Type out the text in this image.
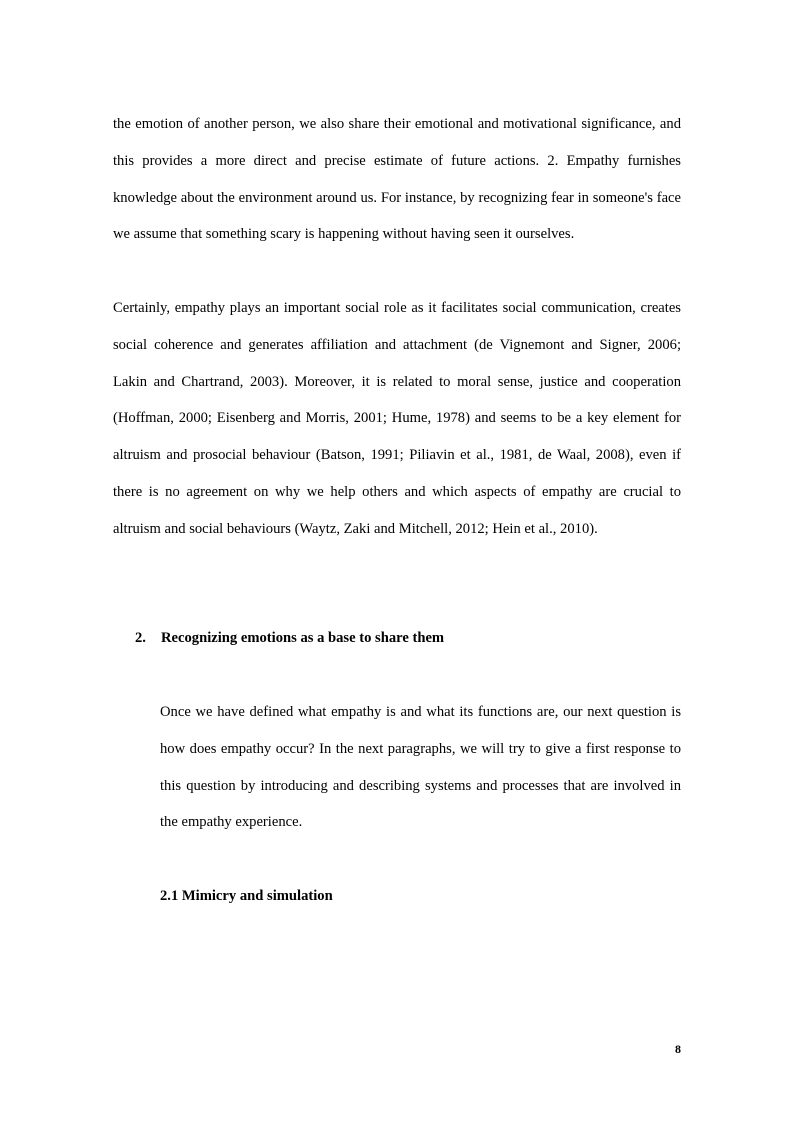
the emotion of another person, we also share their emotional and motivational significance, and this provides a more direct and precise estimate of future actions. 2. Empathy furnishes knowledge about the environment around us. For instance, by recognizing fear in someone's face we assume that something scary is happening without having seen it ourselves.

Certainly, empathy plays an important social role as it facilitates social communication, creates social coherence and generates affiliation and attachment (de Vignemont and Signer, 2006; Lakin and Chartrand, 2003). Moreover, it is related to moral sense, justice and cooperation (Hoffman, 2000; Eisenberg and Morris, 2001; Hume, 1978) and seems to be a key element for altruism and prosocial behaviour (Batson, 1991; Piliavin et al., 1981, de Waal, 2008), even if there is no agreement on why we help others and which aspects of empathy are crucial to altruism and social behaviours (Waytz, Zaki and Mitchell, 2012; Hein et al., 2010).

2. Recognizing emotions as a base to share them

Once we have defined what empathy is and what its functions are, our next question is how does empathy occur? In the next paragraphs, we will try to give a first response to this question by introducing and describing systems and processes that are involved in the empathy experience.

2.1 Mimicry and simulation
8
